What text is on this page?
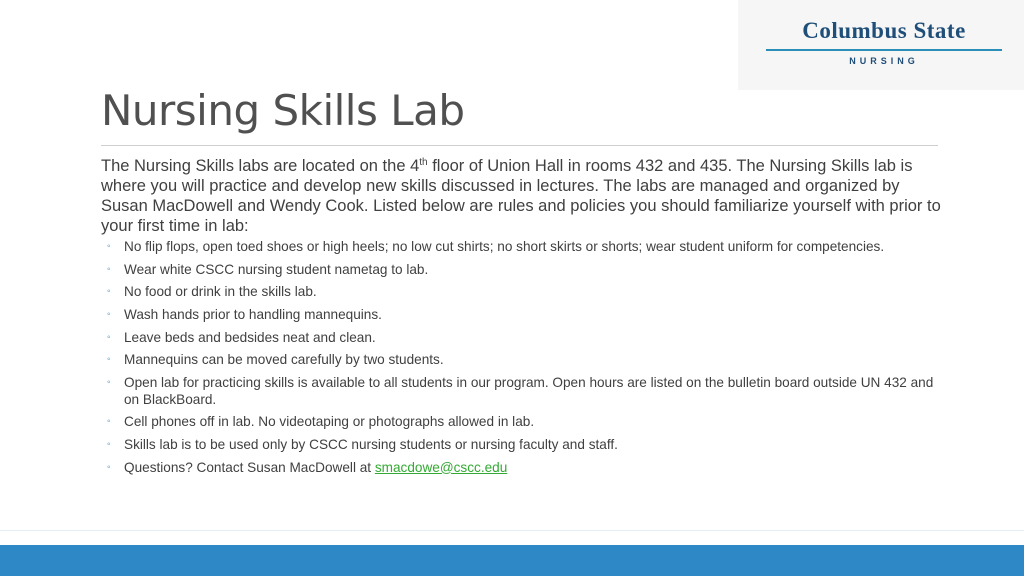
Columbus State
NURSING
Nursing Skills Lab

The Nursing Skills labs are located on the 4th floor of Union Hall in rooms 432 and 435. The Nursing Skills lab is where you will practice and develop new skills discussed in lectures. The labs are managed and organized by Susan MacDowell and Wendy Cook. Listed below are rules and policies you should familiarize yourself with prior to your first time in lab:

◦ No flip flops, open toed shoes or high heels; no low cut shirts; no short skirts or shorts; wear student uniform for competencies.
◦ Wear white CSCC nursing student nametag to lab.
◦ No food or drink in the skills lab.
◦ Wash hands prior to handling mannequins.
◦ Leave beds and bedsides neat and clean.
◦ Mannequins can be moved carefully by two students.
◦ Open lab for practicing skills is available to all students in our program. Open hours are listed on the bulletin board outside UN 432 and on BlackBoard.
◦ Cell phones off in lab. No videotaping or photographs allowed in lab.
◦ Skills lab is to be used only by CSCC nursing students or nursing faculty and staff.
◦ Questions? Contact Susan MacDowell at smacdowe@cscc.edu
